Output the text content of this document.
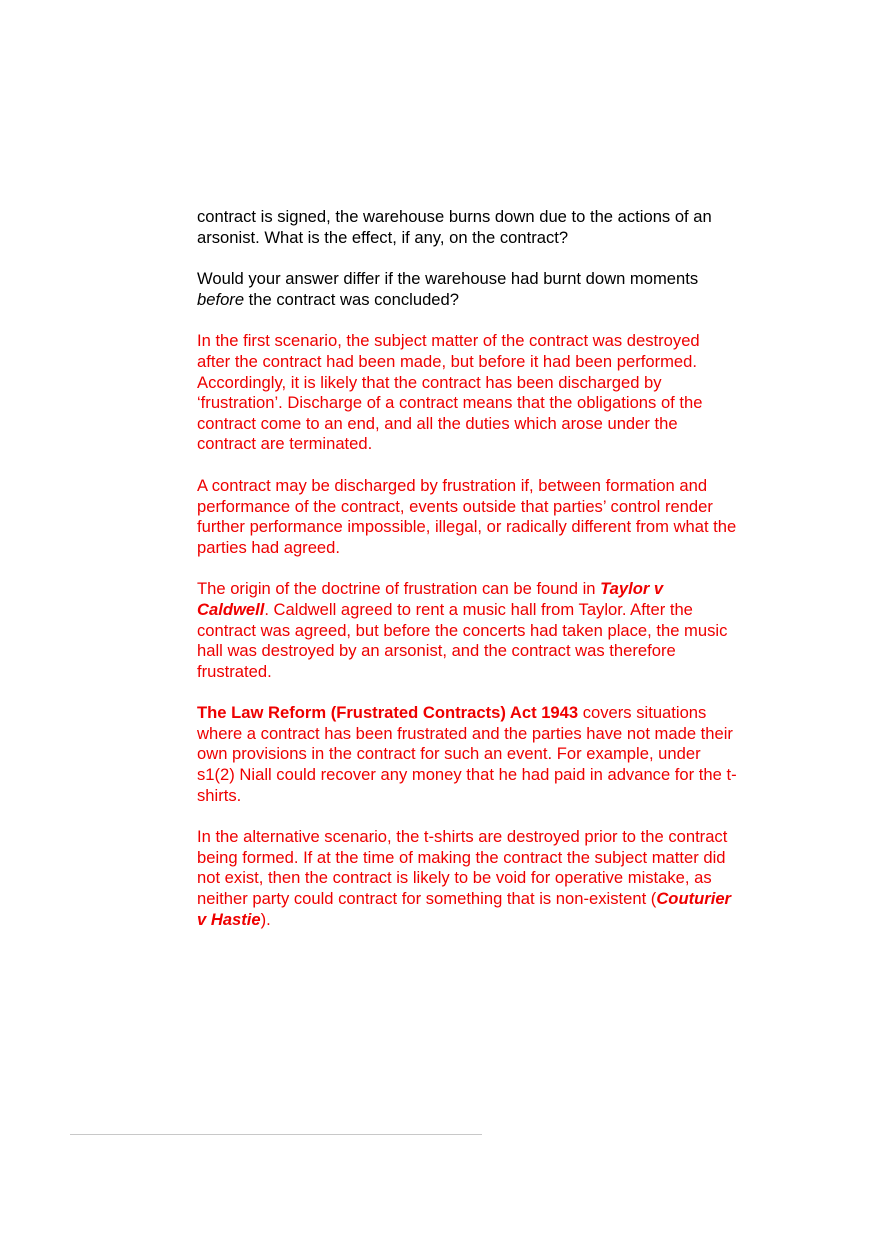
contract is signed, the warehouse burns down due to the actions of an arsonist. What is the effect, if any, on the contract?

Would your answer differ if the warehouse had burnt down moments before the contract was concluded?

In the first scenario, the subject matter of the contract was destroyed after the contract had been made, but before it had been performed. Accordingly, it is likely that the contract has been discharged by ‘frustration’. Discharge of a contract means that the obligations of the contract come to an end, and all the duties which arose under the contract are terminated.

A contract may be discharged by frustration if, between formation and performance of the contract, events outside that parties’ control render further performance impossible, illegal, or radically different from what the parties had agreed.

The origin of the doctrine of frustration can be found in Taylor v Caldwell. Caldwell agreed to rent a music hall from Taylor. After the contract was agreed, but before the concerts had taken place, the music hall was destroyed by an arsonist, and the contract was therefore frustrated.

The Law Reform (Frustrated Contracts) Act 1943 covers situations where a contract has been frustrated and the parties have not made their own provisions in the contract for such an event. For example, under s1(2) Niall could recover any money that he had paid in advance for the t-shirts.

In the alternative scenario, the t-shirts are destroyed prior to the contract being formed. If at the time of making the contract the subject matter did not exist, then the contract is likely to be void for operative mistake, as neither party could contract for something that is non-existent (Couturier v Hastie).
